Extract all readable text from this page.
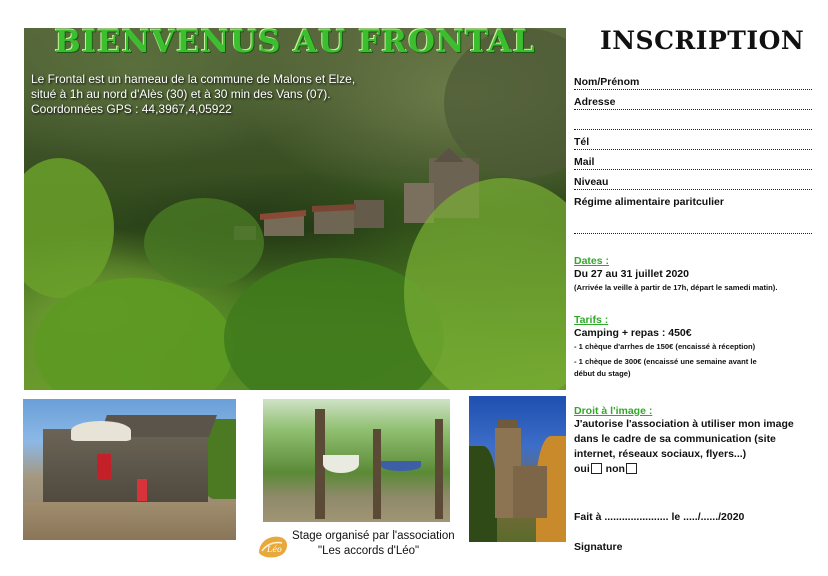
BIENVENUS AU FRONTAL
Le Frontal est un hameau de la commune de Malons et Elze,
situé à 1h au nord d'Alès (30) et à 30 min des Vans (07).
Coordonnées GPS : 44,3967,4,05922
Léo
Stage organisé par l'association
"Les accords d'Léo"
INSCRIPTION
Nom/Prénom
Adresse
Tél
Mail
Niveau
Régime alimentaire paritculier
Dates :

Du 27 au 31 juillet 2020

(Arrivée la veille à partir de 17h, départ le samedi matin).
Tarifs :

Camping + repas : 450€

- 1 chèque d'arrhes de 150€ (encaissé à réception)
- 1 chèque de 300€ (encaissé une semaine avant le
début du stage)
Droit à l'image :

J'autorise l'association à utiliser mon image

dans le cadre de sa communication (site

internet, réseaux sociaux, flyers...)

oui non

Fait à ...................... le ...../....../2020
Signature
